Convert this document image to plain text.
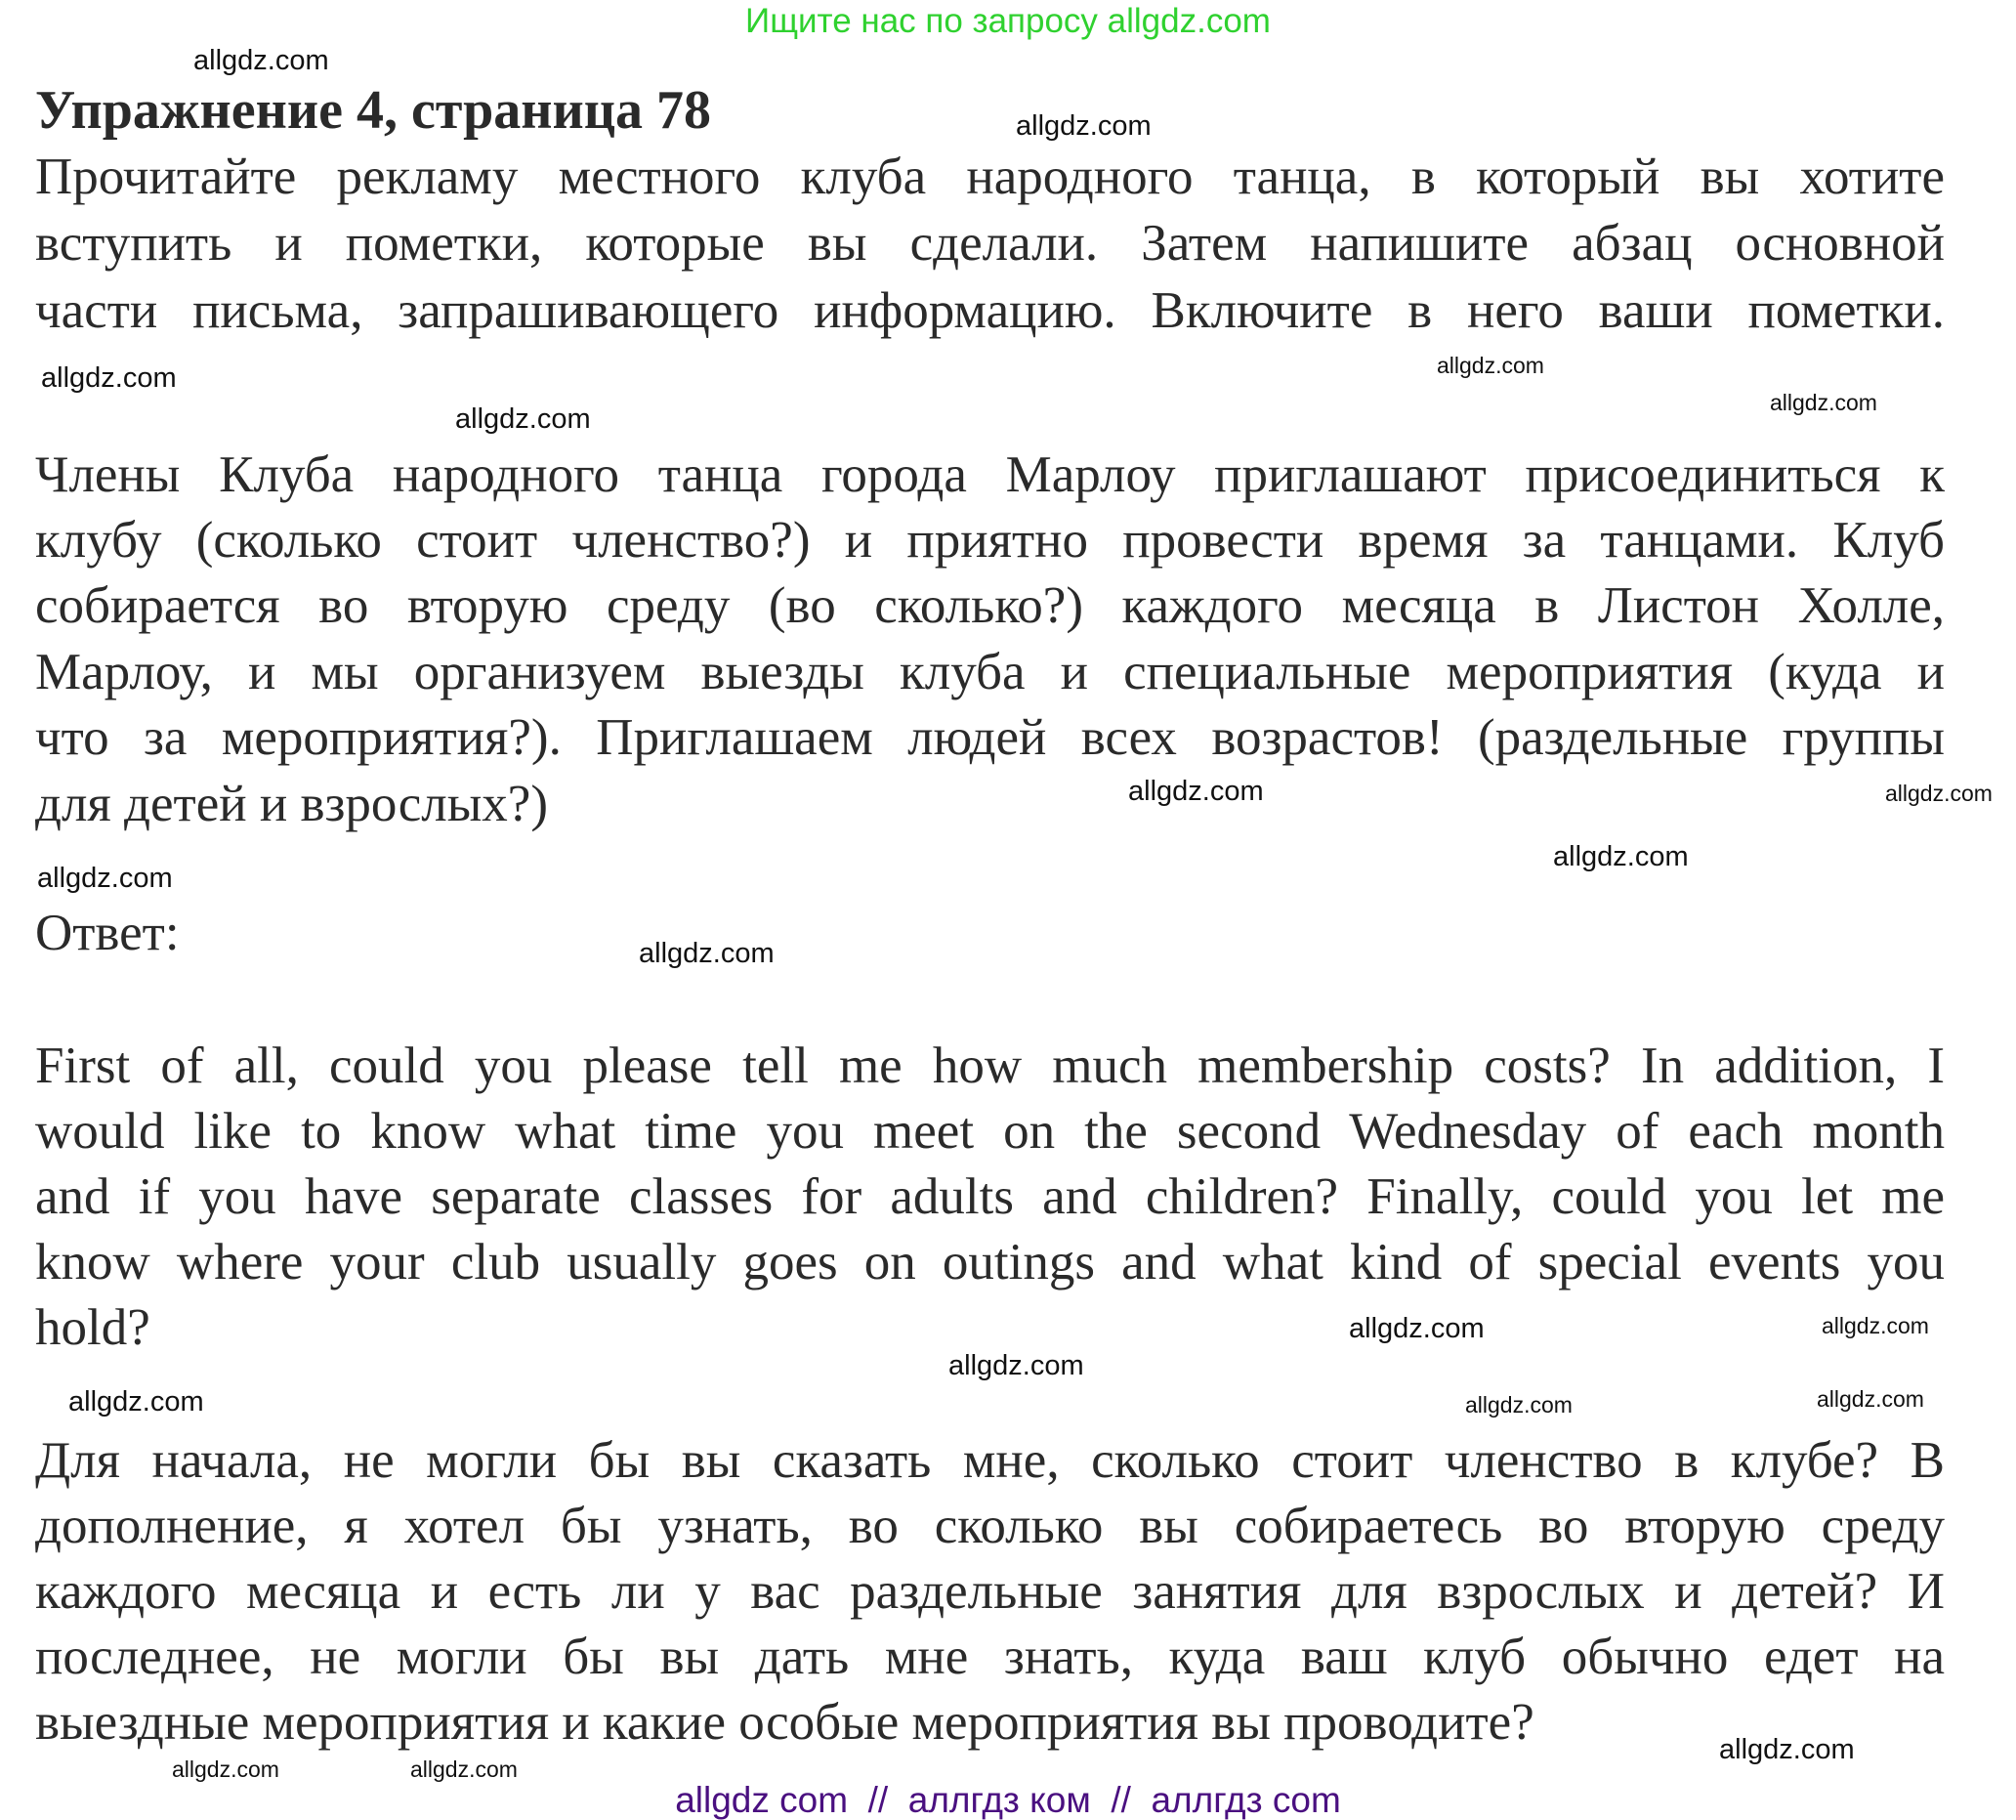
Ищите нас по запросу allgdz.com
Упражнение 4, страница 78
Прочитайте рекламу местного клуба народного танца, в который вы хотите
вступить и пометки, которые вы сделали. Затем напишите абзац основной
части письма, запрашивающего информацию. Включите в него ваши пометки.
Члены Клуба народного танца города Марлоу приглашают присоединиться к
клубу (сколько стоит членство?) и приятно провести время за танцами. Клуб
собирается во вторую среду (во сколько?) каждого месяца в Листон Холле,
Марлоу, и мы организуем выезды клуба и специальные мероприятия (куда и
что за мероприятия?). Приглашаем людей всех возрастов! (раздельные группы
для детей и взрослых?)
Ответ:
First of all, could you please tell me how much membership costs? In addition, I
would like to know what time you meet on the second Wednesday of each month
and if you have separate classes for adults and children? Finally, could you let me
know where your club usually goes on outings and what kind of special events you
hold?
Для начала, не могли бы вы сказать мне, сколько стоит членство в клубе? В
дополнение, я хотел бы узнать, во сколько вы собираетесь во вторую среду
каждого месяца и есть ли у вас раздельные занятия для взрослых и детей? И
последнее, не могли бы вы дать мне знать, куда ваш клуб обычно едет на
выездные мероприятия и какие особые мероприятия вы проводите?
allgdz.com
allgdz.com
allgdz.com
allgdz.com
allgdz.com
allgdz.com
allgdz.com
allgdz.com
allgdz.com
allgdz.com
allgdz.com
allgdz.com
allgdz.com
allgdz.com
allgdz.com	allgdz.com
allgdz.com
allgdz.com	allgdz.com
allgdz.com
allgdz com  //  аллгдз ком  //  аллгдз com
